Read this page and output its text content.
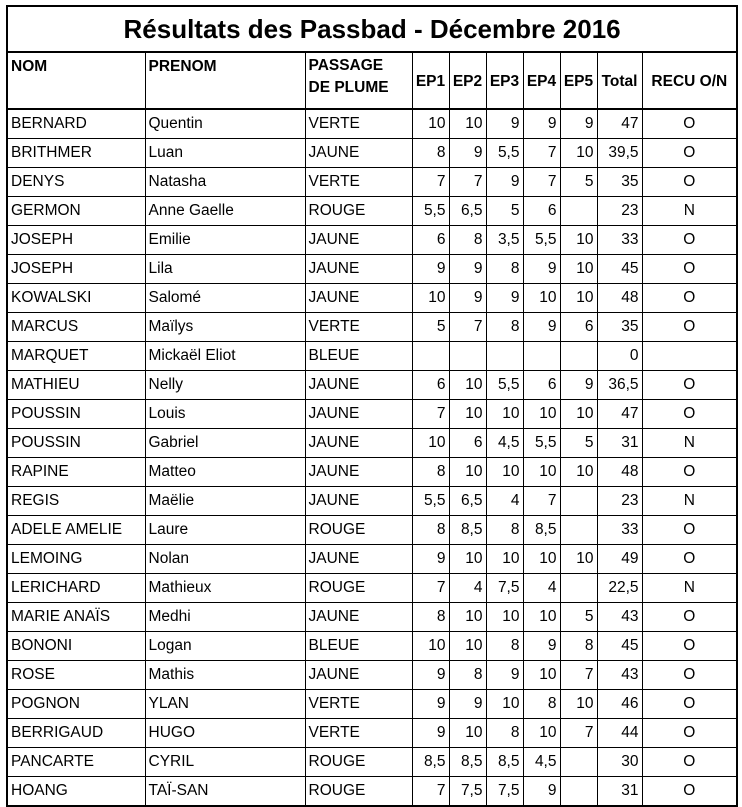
Résultats des Passbad - Décembre 2016									
NOM	PRENOM	PASSAGE DE PLUME	EP1	EP2	EP3	EP4	EP5	Total	RECU O/N
BERNARD	Quentin	VERTE	10	10	9	9	9	47	O
BRITHMER	Luan	JAUNE	8	9	5,5	7	10	39,5	O
DENYS	Natasha	VERTE	7	7	9	7	5	35	O
GERMON	Anne Gaelle	ROUGE	5,5	6,5	5	6		23	N
JOSEPH	Emilie	JAUNE	6	8	3,5	5,5	10	33	O
JOSEPH	Lila	JAUNE	9	9	8	9	10	45	O
KOWALSKI	Salomé	JAUNE	10	9	9	10	10	48	O
MARCUS	Maïlys	VERTE	5	7	8	9	6	35	O
MARQUET	Mickaël Eliot	BLEUE						0	
MATHIEU	Nelly	JAUNE	6	10	5,5	6	9	36,5	O
POUSSIN	Louis	JAUNE	7	10	10	10	10	47	O
POUSSIN	Gabriel	JAUNE	10	6	4,5	5,5	5	31	N
RAPINE	Matteo	JAUNE	8	10	10	10	10	48	O
REGIS	Maëlie	JAUNE	5,5	6,5	4	7		23	N
ADELE AMELIE	Laure	ROUGE	8	8,5	8	8,5		33	O
LEMOING	Nolan	JAUNE	9	10	10	10	10	49	O
LERICHARD	Mathieux	ROUGE	7	4	7,5	4		22,5	N
MARIE ANAÏS	Medhi	JAUNE	8	10	10	10	5	43	O
BONONI	Logan	BLEUE	10	10	8	9	8	45	O
ROSE	Mathis	JAUNE	9	8	9	10	7	43	O
POGNON	YLAN	VERTE	9	9	10	8	10	46	O
BERRIGAUD	HUGO	VERTE	9	10	8	10	7	44	O
PANCARTE	CYRIL	ROUGE	8,5	8,5	8,5	4,5		30	O
HOANG	TAÏ-SAN	ROUGE	7	7,5	7,5	9		31	O
